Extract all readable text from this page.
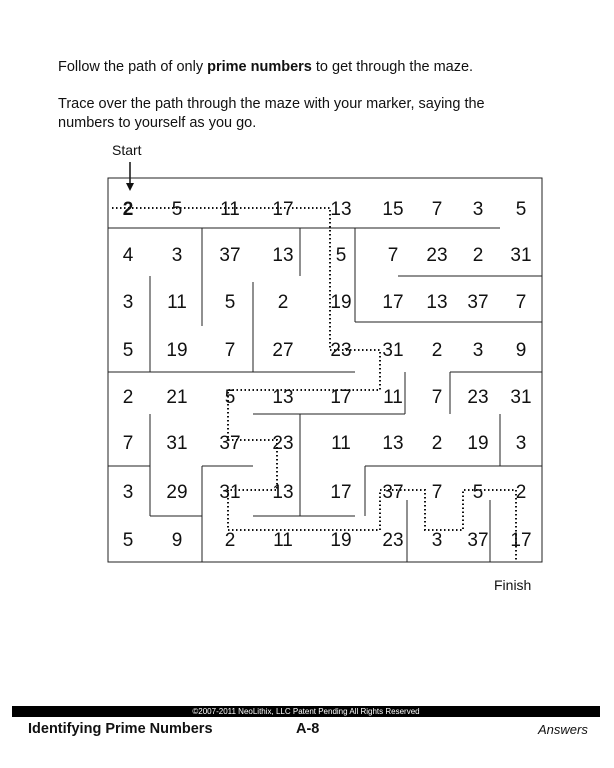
Follow the path of only prime numbers to get through the maze.
Trace over the path through the maze with your marker, saying the numbers to yourself as you go.
Start
2 5 11 17 13 15 7 3 5
4 3 37 13 5 7 23 2 31
3 11 5 2 19 17 13 37 7
5 19 7 27 23 31 2 3 9
2 21 5 13 17 11 7 23 31
7 31 37 23 11 13 2 19 3
3 29 31 13 17 37 7 5 2
5 9 2 11 19 23 3 37 17
Finish
©2007-2011 NeoLithix, LLC Patent Pending All Rights Reserved
Identifying Prime Numbers	A-8	Answers
